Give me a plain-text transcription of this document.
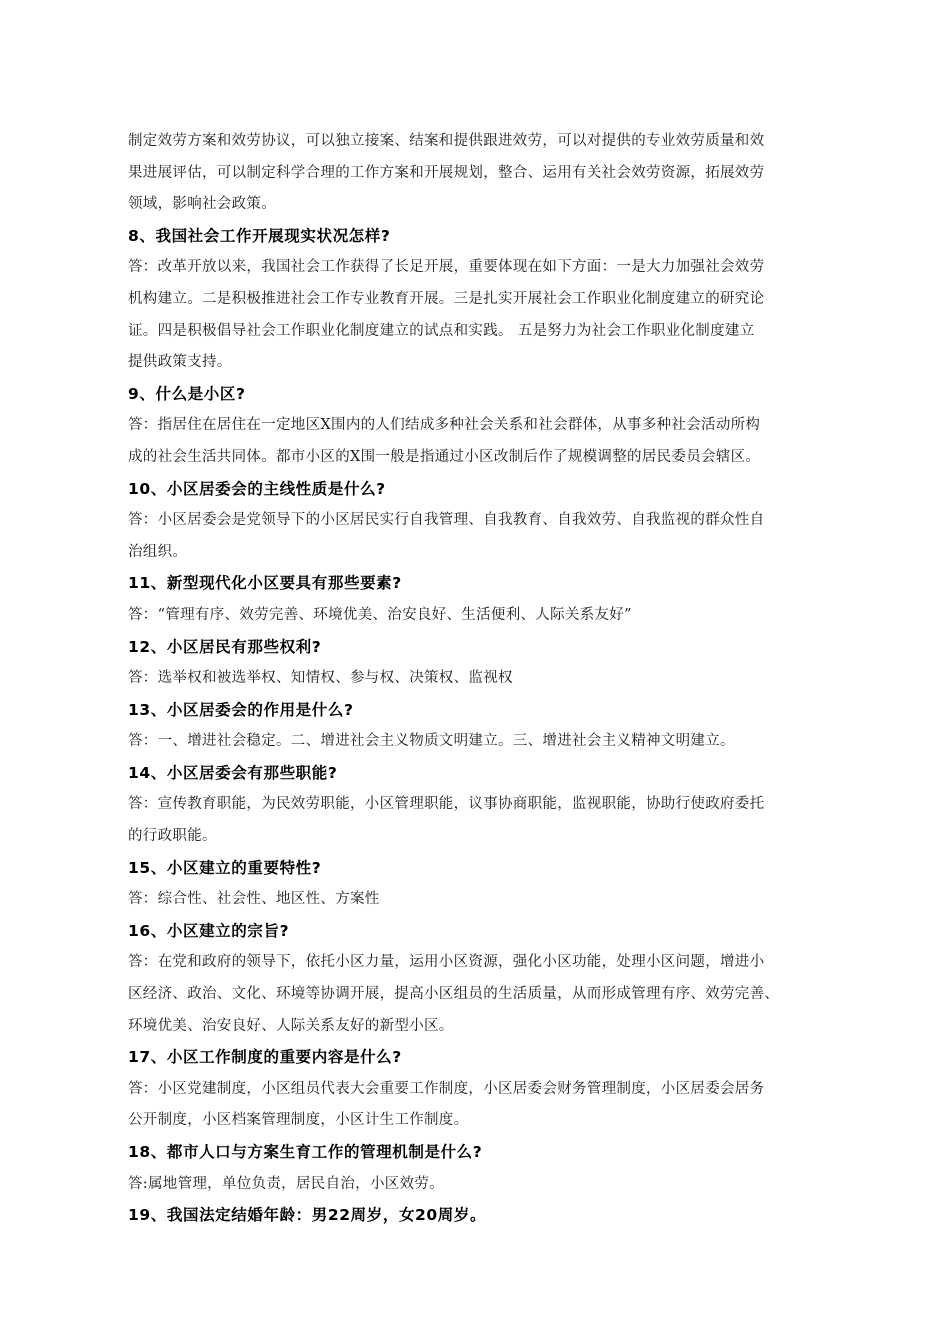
制定效劳方案和效劳协议，可以独立接案、结案和提供跟进效劳，可以对提供的专业效劳质量和效
果进展评估，可以制定科学合理的工作方案和开展规划，整合、运用有关社会效劳资源，拓展效劳
领域，影响社会政策。
8、我国社会工作开展现实状况怎样?
答：改革开放以来，我国社会工作获得了长足开展，重要体现在如下方面：一是大力加强社会效劳
机构建立。二是积极推进社会工作专业教育开展。三是扎实开展社会工作职业化制度建立的研究论
证。四是积极倡导社会工作职业化制度建立的试点和实践。 五是努力为社会工作职业化制度建立
提供政策支持。
9、什么是小区?
答：指居住在居住在一定地区X围内的人们结成多种社会关系和社会群体，从事多种社会活动所构
成的社会生活共同体。都市小区的X围一般是指通过小区改制后作了规模调整的居民委员会辖区。
10、小区居委会的主线性质是什么?
答：小区居委会是党领导下的小区居民实行自我管理、自我教育、自我效劳、自我监视的群众性自
治组织。
11、新型现代化小区要具有那些要素?
答：“管理有序、效劳完善、环境优美、治安良好、生活便利、人际关系友好”
12、小区居民有那些权利?
答：选举权和被选举权、知情权、参与权、决策权、监视权
13、小区居委会的作用是什么?
答：一、增进社会稳定。二、增进社会主义物质文明建立。三、增进社会主义精神文明建立。
14、小区居委会有那些职能?
答：宣传教育职能，为民效劳职能，小区管理职能，议事协商职能，监视职能，协助行使政府委托
的行政职能。
15、小区建立的重要特性?
答：综合性、社会性、地区性、方案性
16、小区建立的宗旨?
答：在党和政府的领导下，依托小区力量，运用小区资源，强化小区功能，处理小区问题，增进小
区经济、政治、文化、环境等协调开展，提高小区组员的生活质量，从而形成管理有序、效劳完善、
环境优美、治安良好、人际关系友好的新型小区。
17、小区工作制度的重要内容是什么?
答：小区党建制度，小区组员代表大会重要工作制度，小区居委会财务管理制度，小区居委会居务
公开制度，小区档案管理制度，小区计生工作制度。
18、都市人口与方案生育工作的管理机制是什么?
答:属地管理，单位负责，居民自治，小区效劳。
19、我国法定结婚年龄：男22周岁，女20周岁。
